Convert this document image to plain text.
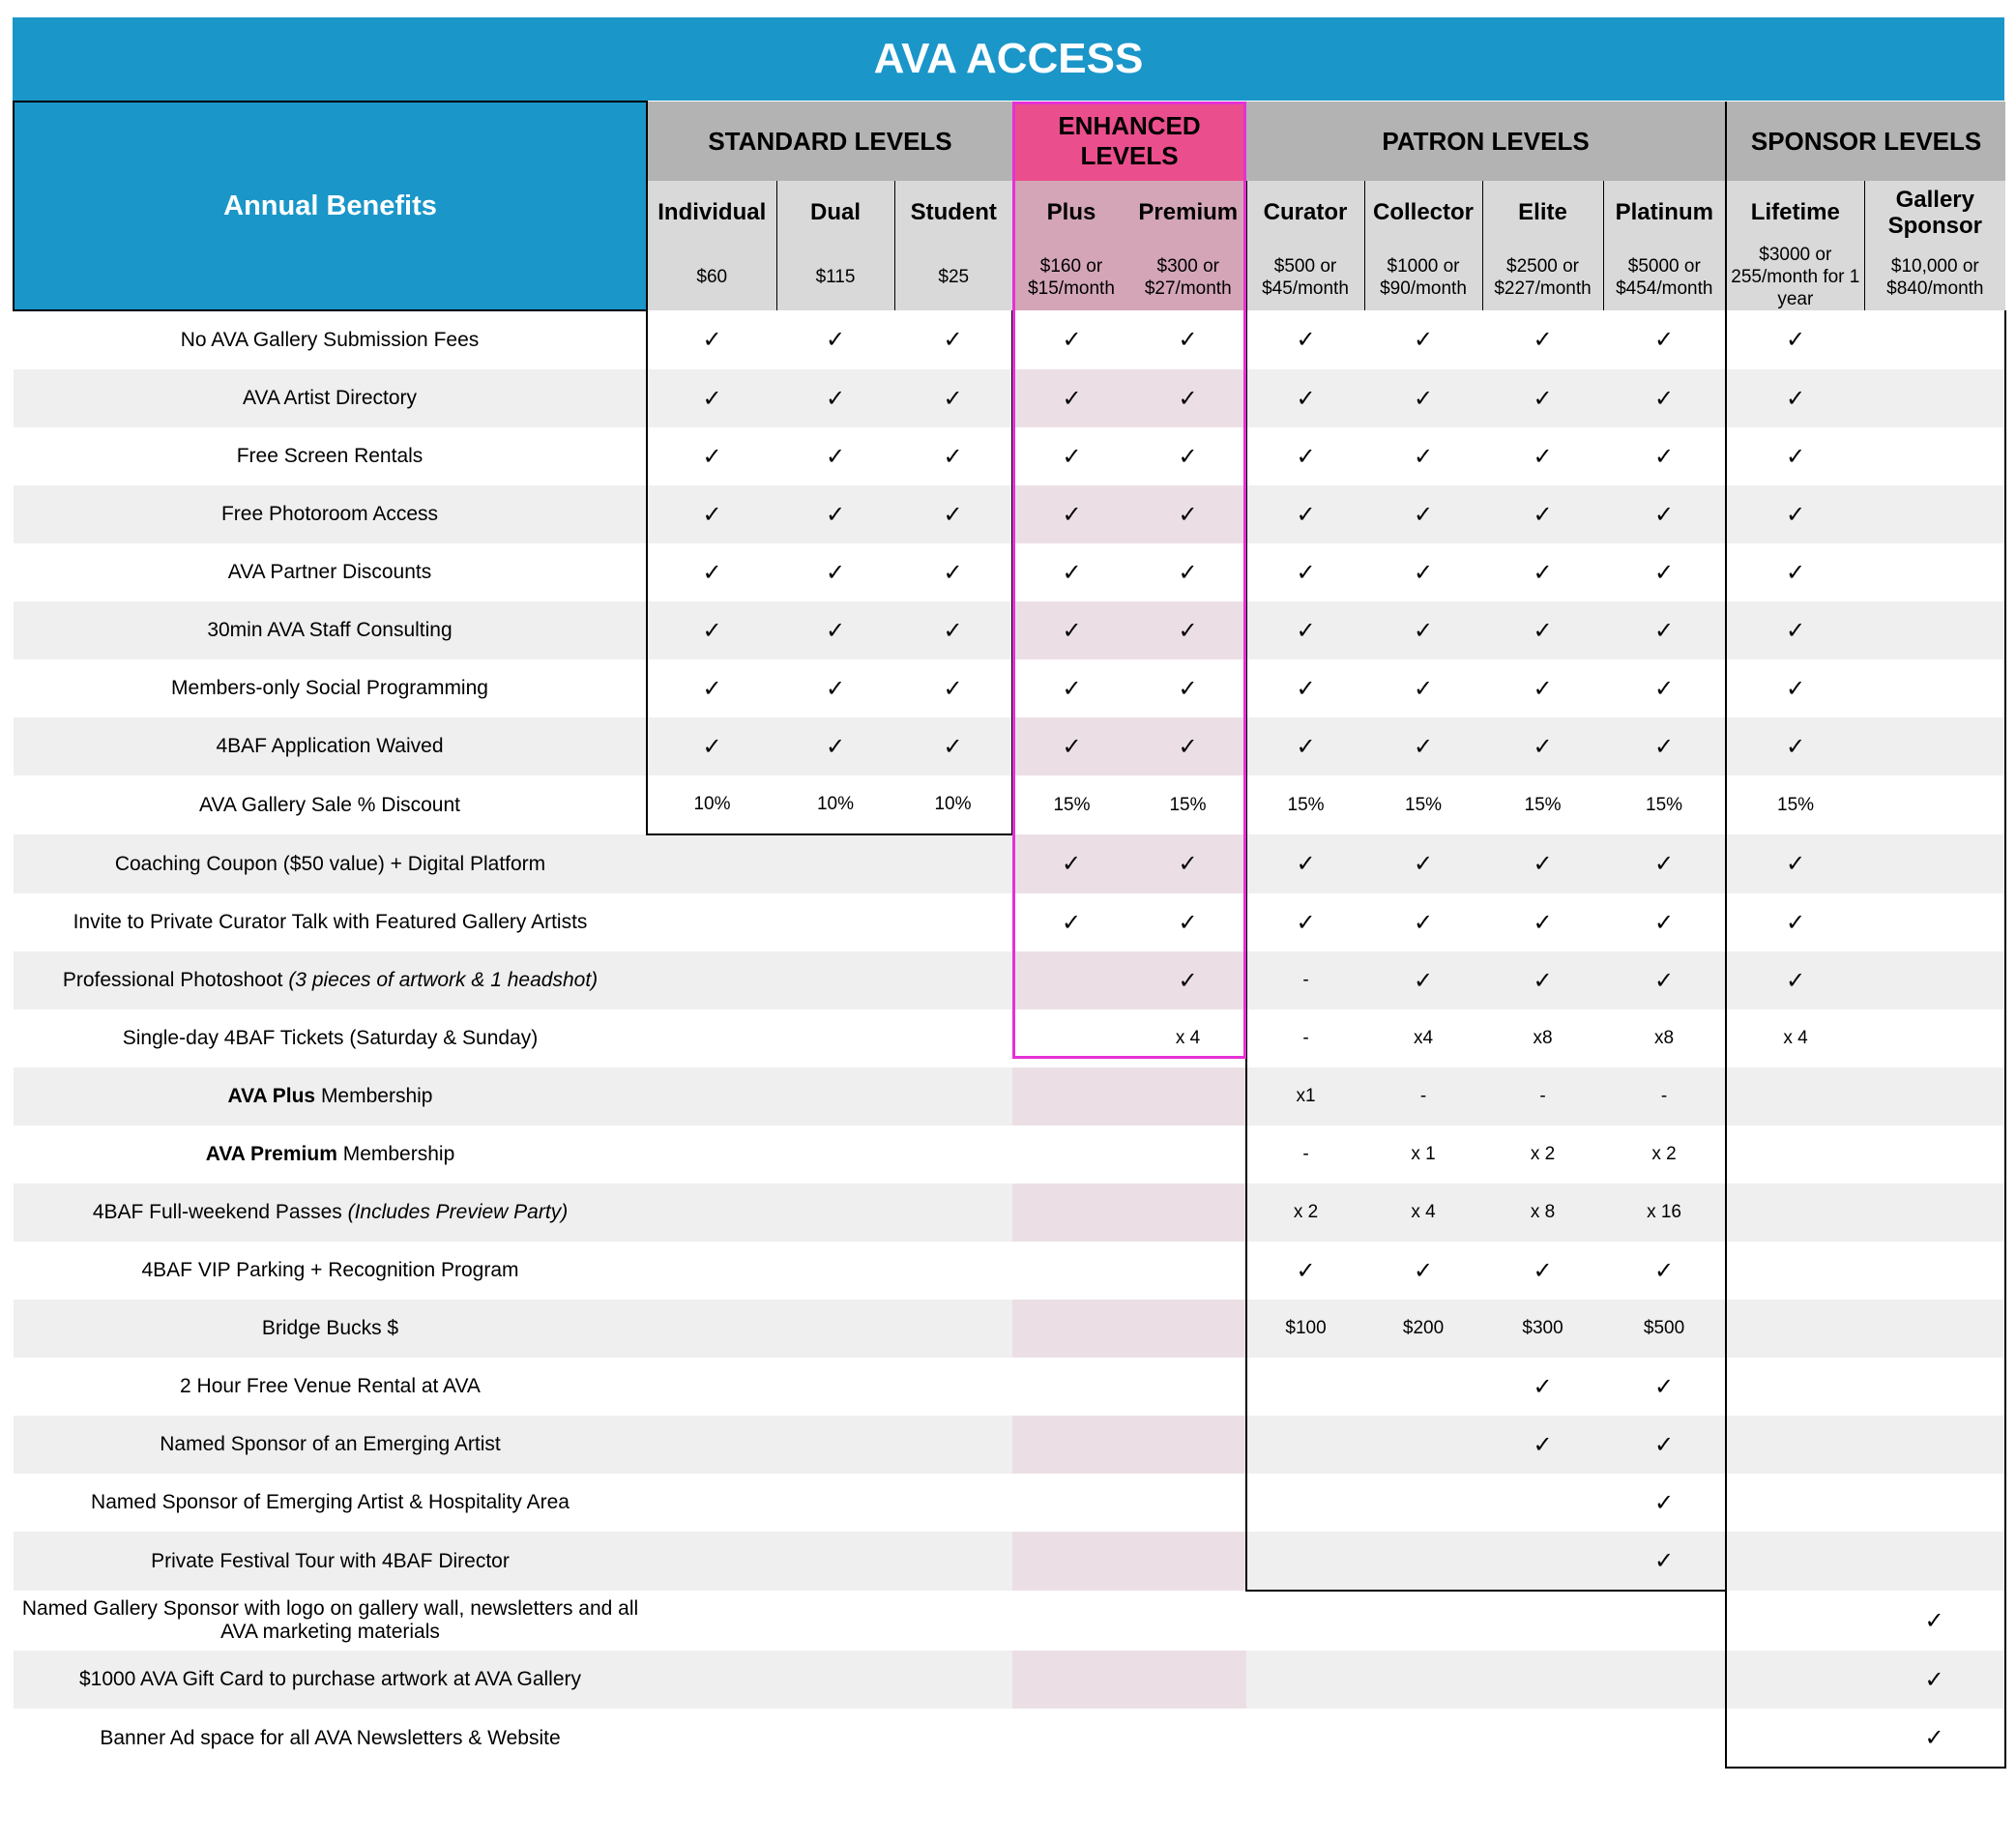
AVA ACCESS
Annual Benefits	STANDARD LEVELS			ENHANCED LEVELS		PATRON LEVELS				SPONSOR LEVELS	
	Individual	Dual	Student	Plus	Premium	Curator	Collector	Elite	Platinum	Lifetime	Gallery Sponsor
	$60	$115	$25	$160 or $15/month	$300 or $27/month	$500 or $45/month	$1000 or $90/month	$2500 or $227/month	$5000 or $454/month	$3000 or 255/month for 1 year	$10,000 or $840/month
No AVA Gallery Submission Fees	✓	✓	✓	✓	✓	✓	✓	✓	✓	✓	
AVA Artist Directory	✓	✓	✓	✓	✓	✓	✓	✓	✓	✓	
Free Screen Rentals	✓	✓	✓	✓	✓	✓	✓	✓	✓	✓	
Free Photoroom Access	✓	✓	✓	✓	✓	✓	✓	✓	✓	✓	
AVA Partner Discounts	✓	✓	✓	✓	✓	✓	✓	✓	✓	✓	
30min AVA Staff Consulting	✓	✓	✓	✓	✓	✓	✓	✓	✓	✓	
Members-only Social Programming	✓	✓	✓	✓	✓	✓	✓	✓	✓	✓	
4BAF Application Waived	✓	✓	✓	✓	✓	✓	✓	✓	✓	✓	
AVA Gallery Sale % Discount	10%	10%	10%	15%	15%	15%	15%	15%	15%	15%	
Coaching Coupon ($50 value) + Digital Platform				✓	✓	✓	✓	✓	✓	✓	
Invite to Private Curator Talk with Featured Gallery Artists				✓	✓	✓	✓	✓	✓	✓	
Professional Photoshoot (3 pieces of artwork & 1 headshot)					✓	-	✓	✓	✓	✓	
Single-day 4BAF Tickets (Saturday & Sunday)					x 4	-	x4	x8	x8	x 4	
AVA Plus Membership						x1	-	-	-		
AVA Premium Membership						-	x 1	x 2	x 2		
4BAF Full-weekend Passes (Includes Preview Party)						x 2	x 4	x 8	x 16		
4BAF VIP Parking + Recognition Program						✓	✓	✓	✓		
Bridge Bucks $						$100	$200	$300	$500		
2 Hour Free Venue Rental at AVA								✓	✓		
Named Sponsor of an Emerging Artist								✓	✓		
Named Sponsor of Emerging Artist & Hospitality Area									✓		
Private Festival Tour with 4BAF Director									✓		
Named Gallery Sponsor with logo on gallery wall, newsletters and all AVA marketing materials											✓
$1000 AVA Gift Card to purchase artwork at AVA Gallery											✓
Banner Ad space for all AVA Newsletters & Website											✓
